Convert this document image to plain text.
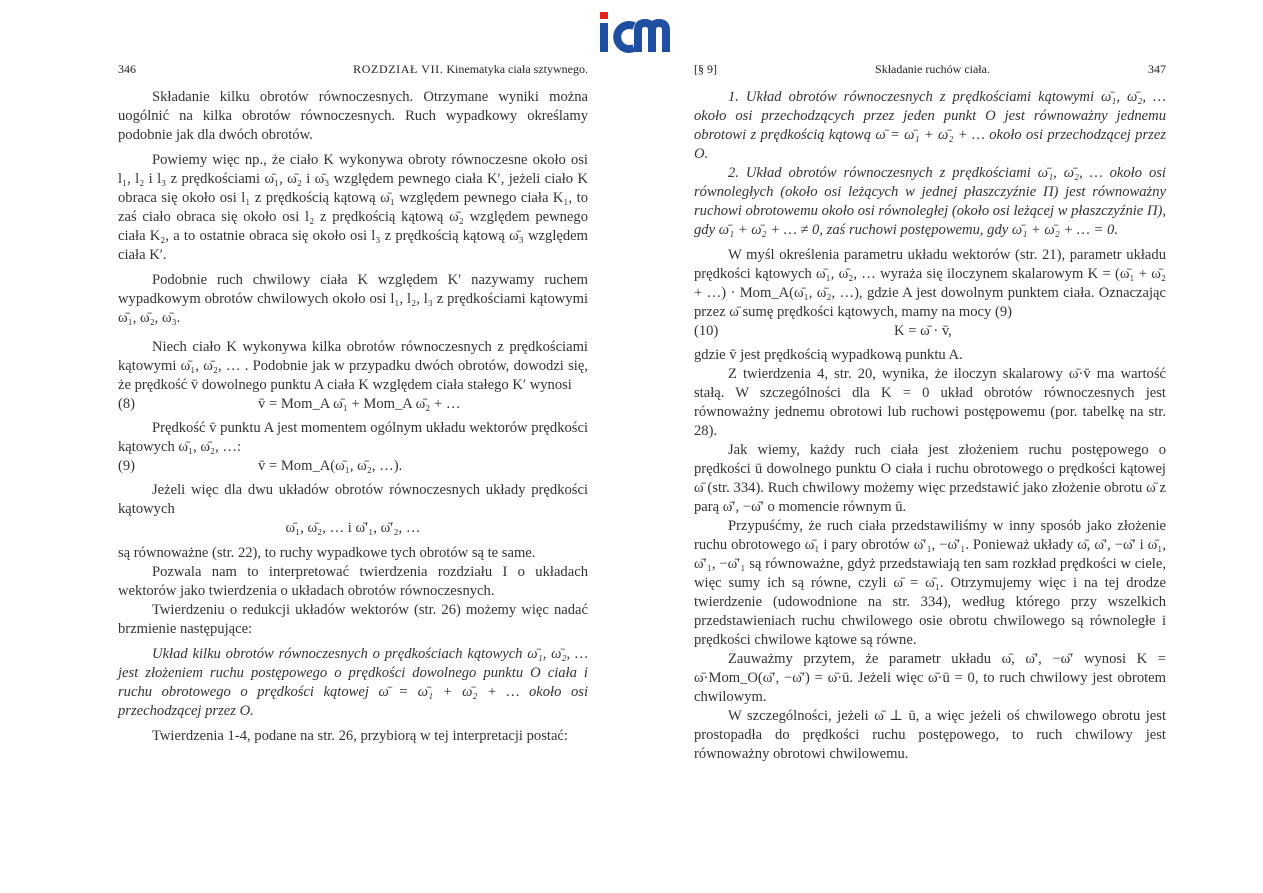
346	ROZDZIAŁ VII. Kinematyka ciała sztywnego.

Składanie kilku obrotów równoczesnych. Otrzymane wyniki można uogólnić na kilka obrotów równoczesnych. Ruch wypadkowy określamy podobnie jak dla dwóch obrotów.

Powiemy więc np., że ciało K wykonywa obroty równoczesne około osi l₁, l₂ i l₃ z prędkościami ω̄₁, ω̄₂ i ω̄₃ względem pewnego ciała K′, jeżeli ciało K obraca się około osi l₁ z prędkością kątową ω̄₁ względem pewnego ciała K₁, to zaś ciało obraca się około osi l₂ z prędkością kątową ω̄₂ względem pewnego ciała K₂, a to ostatnie obraca się około osi l₃ z prędkością kątową ω̄₃ względem ciała K′.

Podobnie ruch chwilowy ciała K względem K′ nazywamy ruchem wypadkowym obrotów chwilowych około osi l₁, l₂, l₃ z prędkościami kątowymi ω̄₁, ω̄₂, ω̄₃.

Niech ciało K wykonywa kilka obrotów równoczesnych z prędkościami kątowymi ω̄₁, ω̄₂, … . Podobnie jak w przypadku dwóch obrotów, dowodzi się, że prędkość v̄ dowolnego punktu A ciała K względem ciała stałego K′ wynosi

(8)	v̄ = Mom_A ω̄₁ + Mom_A ω̄₂ + …

Prędkość v̄ punktu A jest momentem ogólnym układu wektorów prędkości kątowych ω̄₁, ω̄₂, …:

(9)	v̄ = Mom_A(ω̄₁, ω̄₂, …).

Jeżeli więc dla dwu układów obrotów równoczesnych układy prędkości kątowych

ω̄₁, ω̄₂, … i ω̄′₁, ω̄′₂, …

są równoważne (str. 22), to ruchy wypadkowe tych obrotów są te same.

Pozwala nam to interpretować twierdzenia rozdziału I o układach wektorów jako twierdzenia o układach obrotów równoczesnych.

Twierdzeniu o redukcji układów wektorów (str. 26) możemy więc nadać brzmienie następujące:

Układ kilku obrotów równoczesnych o prędkościach kątowych ω̄₁, ω̄₂, … jest złożeniem ruchu postępowego o prędkości dowolnego punktu O ciała i ruchu obrotowego o prędkości kątowej ω̄ = ω̄₁ + ω̄₂ + … około osi przechodzącej przez O.

Twierdzenia 1-4, podane na str. 26, przybiorą w tej interpretacji postać:

[§ 9]	Składanie ruchów ciała.	347

1. Układ obrotów równoczesnych z prędkościami kątowymi ω̄₁, ω̄₂, … około osi przechodzących przez jeden punkt O jest równoważny jednemu obrotowi z prędkością kątową ω̄ = ω̄₁ + ω̄₂ + … około osi przechodzącej przez O.

2. Układ obrotów równoczesnych z prędkościami ω̄₁, ω̄₂, … około osi równoległych (około osi leżących w jednej płaszczyźnie Π) jest równoważny ruchowi obrotowemu około osi równoległej (około osi leżącej w płaszczyźnie Π), gdy ω̄₁ + ω̄₂ + … ≠ 0, zaś ruchowi postępowemu, gdy ω̄₁ + ω̄₂ + … = 0.

W myśl określenia parametru układu wektorów (str. 21), parametr układu prędkości kątowych ω̄₁, ω̄₂, … wyraża się iloczynem skalarowym K = (ω̄₁ + ω̄₂ + …) · Mom_A(ω̄₁, ω̄₂, …), gdzie A jest dowolnym punktem ciała. Oznaczając przez ω̄ sumę prędkości kątowych, mamy na mocy (9)

(10)	K = ω̄ · v̄,

gdzie v̄ jest prędkością wypadkową punktu A.

Z twierdzenia 4, str. 20, wynika, że iloczyn skalarowy ω̄·v̄ ma wartość stałą. W szczególności dla K = 0 układ obrotów równoczesnych jest równoważny jednemu obrotowi lub ruchowi postępowemu (por. tabelkę na str. 28).

Jak wiemy, każdy ruch ciała jest złożeniem ruchu postępowego o prędkości ū dowolnego punktu O ciała i ruchu obrotowego o prędkości kątowej ω̄ (str. 334). Ruch chwilowy możemy więc przedstawić jako złożenie obrotu ω̄ z parą ω̄′, −ω̄′ o momencie równym ū.

Przypuśćmy, że ruch ciała przedstawiliśmy w inny sposób jako złożenie ruchu obrotowego ω̄₁ i pary obrotów ω̄′₁, −ω̄′₁. Ponieważ układy ω̄, ω̄′, −ω̄′ i ω̄₁, ω̄′₁, −ω̄′₁ są równoważne, gdyż przedstawiają ten sam rozkład prędkości w ciele, więc sumy ich są równe, czyli ω̄ = ω̄₁. Otrzymujemy więc i na tej drodze twierdzenie (udowodnione na str. 334), według którego przy wszelkich przedstawieniach ruchu chwilowego osie obrotu chwilowego są równoległe i prędkości chwilowe kątowe są równe.

Zauważmy przytem, że parametr układu ω̄, ω̄′, −ω̄′ wynosi K = ω̄·Mom_O(ω̄′, −ω̄′) = ω̄·ū. Jeżeli więc ω̄·ū = 0, to ruch chwilowy jest obrotem chwilowym.

W szczególności, jeżeli ω̄ ⊥ ū, a więc jeżeli oś chwilowego obrotu jest prostopadła do prędkości ruchu postępowego, to ruch chwilowy jest równoważny obrotowi chwilowemu.
